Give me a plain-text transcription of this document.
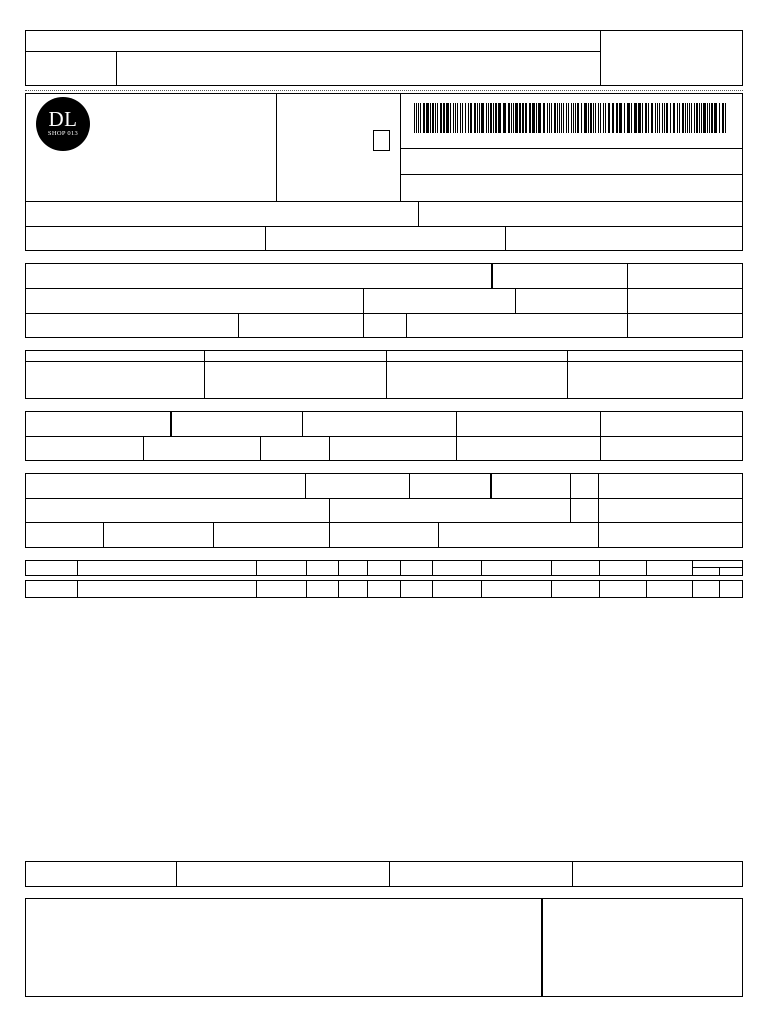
DL
SHOP 013
